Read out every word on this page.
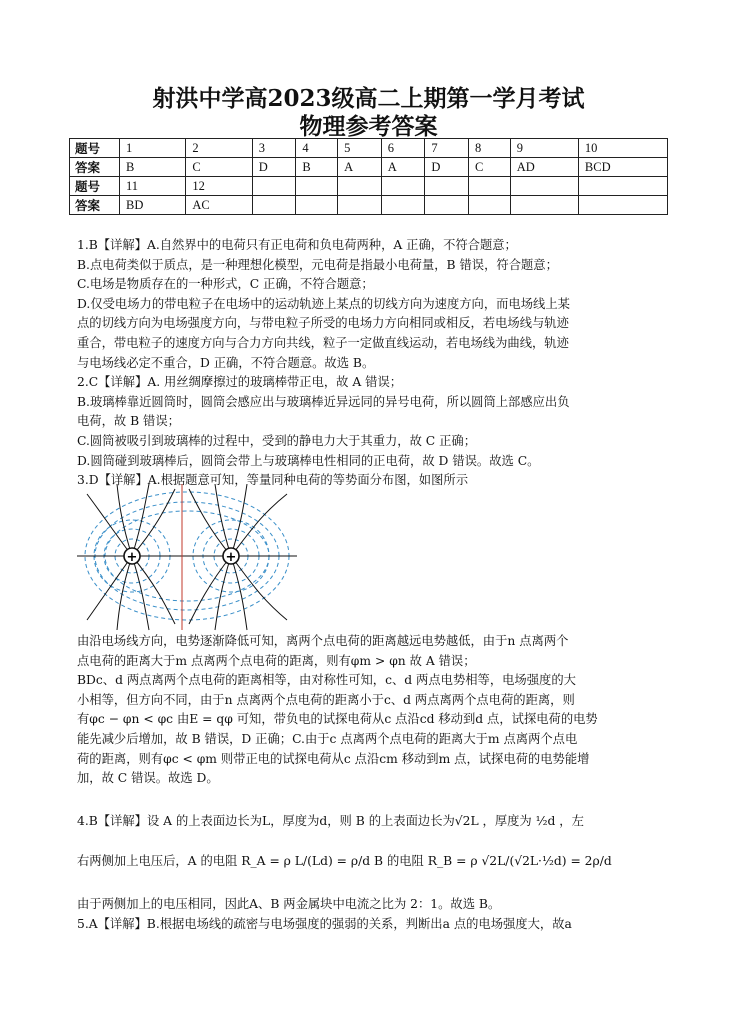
射洪中学高2023级高二上期第一学月考试
物理参考答案
题号	1	2	3	4	5	6	7	8	9	10
答案	B	C	D	B	A	A	D	C	AD	BCD
题号	11	12								
答案	BD	AC								

1.B【详解】A.自然界中的电荷只有正电荷和负电荷两种，A 正确，不符合题意；

B.点电荷类似于质点，是一种理想化模型，元电荷是指最小电荷量，B 错误，符合题意；

C.电场是物质存在的一种形式，C 正确，不符合题意；

D.仅受电场力的带电粒子在电场中的运动轨迹上某点的切线方向为速度方向，而电场线上某

点的切线方向为电场强度方向，与带电粒子所受的电场力方向相同或相反，若电场线与轨迹

重合，带电粒子的速度方向与合力方向共线，粒子一定做直线运动，若电场线为曲线，轨迹

与电场线必定不重合，D 正确，不符合题意。故选 B。

2.C【详解】A. 用丝绸摩擦过的玻璃棒带正电，故 A 错误；

B.玻璃棒靠近圆筒时，圆筒会感应出与玻璃棒近异远同的异号电荷，所以圆筒上部感应出负

电荷，故 B 错误；

C.圆筒被吸引到玻璃棒的过程中，受到的静电力大于其重力，故 C 正确；

D.圆筒碰到玻璃棒后，圆筒会带上与玻璃棒电性相同的正电荷，故 D 错误。故选 C。

3.D【详解】A.根据题意可知，等量同种电荷的等势面分布图，如图所示

+	+

由沿电场线方向，电势逐渐降低可知，离两个点电荷的距离越远电势越低，由于n 点离两个

点电荷的距离大于m 点离两个点电荷的距离，则有φm > φn 故 A 错误；

BDc、d 两点离两个点电荷的距离相等，由对称性可知，c、d 两点电势相等，电场强度的大

小相等，但方向不同，由于n 点离两个点电荷的距离小于c、d 两点离两个点电荷的距离，则

有φc − φn < φc 由E = qφ 可知，带负电的试探电荷从c 点沿cd 移动到d 点，试探电荷的电势

能先减少后增加，故 B 错误，D 正确；C.由于c 点离两个点电荷的距离大于m 点离两个点电

荷的距离，则有φc < φm 则带正电的试探电荷从c 点沿cm 移动到m 点，试探电荷的电势能增

加，故 C 错误。故选 D。

4.B【详解】设 A 的上表面边长为L，厚度为d，则 B 的上表面边长为√2L ，厚度为 ½d ，左

右两侧加上电压后，A 的电阻 R_A = ρ L/(Ld) = ρ/d B 的电阻 R_B = ρ √2L/(√2L·½d) = 2ρ/d

由于两侧加上的电压相同，因此A、B 两金属块中电流之比为 2：1。故选 B。

5.A【详解】B.根据电场线的疏密与电场强度的强弱的关系，判断出a 点的电场强度大，故a
